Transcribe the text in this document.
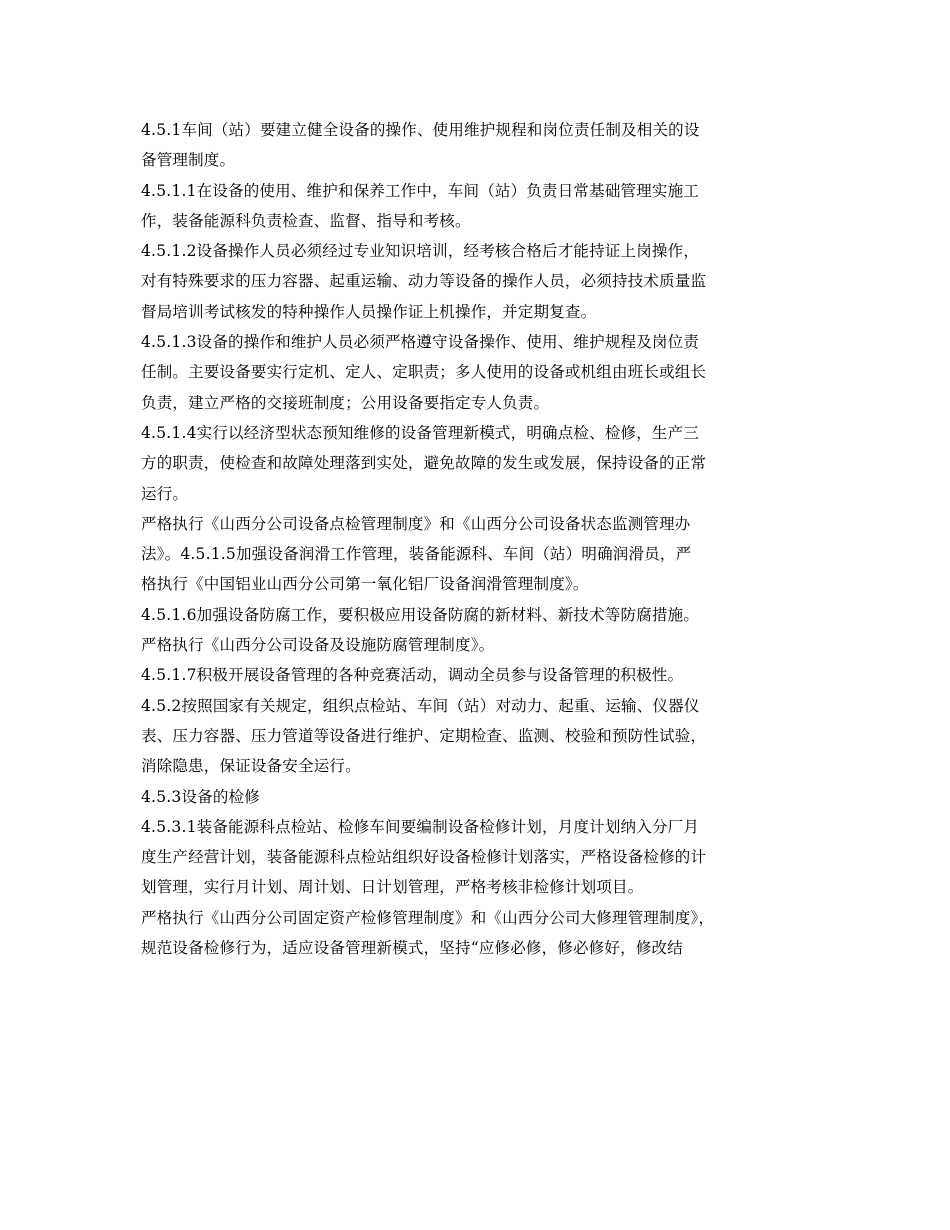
4.5.1车间（站）要建立健全设备的操作、使用维护规程和岗位责任制及相关的设
备管理制度。
4.5.1.1在设备的使用、维护和保养工作中，车间（站）负责日常基础管理实施工
作，装备能源科负责检查、监督、指导和考核。
4.5.1.2设备操作人员必须经过专业知识培训，经考核合格后才能持证上岗操作，
对有特殊要求的压力容器、起重运输、动力等设备的操作人员，必须持技术质量监
督局培训考试核发的特种操作人员操作证上机操作，并定期复查。
4.5.1.3设备的操作和维护人员必须严格遵守设备操作、使用、维护规程及岗位责
任制。主要设备要实行定机、定人、定职责；多人使用的设备或机组由班长或组长
负责，建立严格的交接班制度；公用设备要指定专人负责。
4.5.1.4实行以经济型状态预知维修的设备管理新模式，明确点检、检修，生产三
方的职责，使检查和故障处理落到实处，避免故障的发生或发展，保持设备的正常
运行。
严格执行《山西分公司设备点检管理制度》和《山西分公司设备状态监测管理办
法》。4.5.1.5加强设备润滑工作管理，装备能源科、车间（站）明确润滑员，严
格执行《中国铝业山西分公司第一氧化铝厂设备润滑管理制度》。
4.5.1.6加强设备防腐工作，要积极应用设备防腐的新材料、新技术等防腐措施。
严格执行《山西分公司设备及设施防腐管理制度》。
4.5.1.7积极开展设备管理的各种竞赛活动，调动全员参与设备管理的积极性。
4.5.2按照国家有关规定，组织点检站、车间（站）对动力、起重、运输、仪器仪
表、压力容器、压力管道等设备进行维护、定期检查、监测、校验和预防性试验，
消除隐患，保证设备安全运行。
4.5.3设备的检修
4.5.3.1装备能源科点检站、检修车间要编制设备检修计划，月度计划纳入分厂月
度生产经营计划，装备能源科点检站组织好设备检修计划落实，严格设备检修的计
划管理，实行月计划、周计划、日计划管理，严格考核非检修计划项目。
严格执行《山西分公司固定资产检修管理制度》和《山西分公司大修理管理制度》，
规范设备检修行为，适应设备管理新模式，坚持“应修必修，修必修好，修改结
